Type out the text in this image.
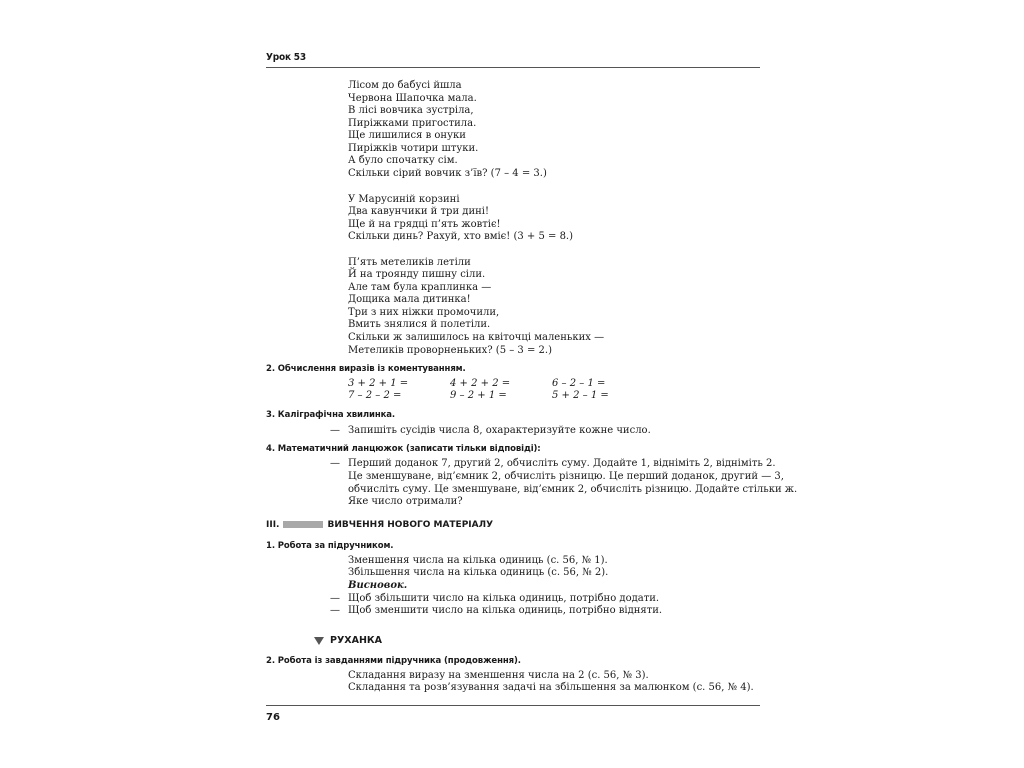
Урок 53
Лісом до бабусі йшла
Червона Шапочка мала.
В лісі вовчика зустріла,
Пиріжками пригостила.
Ще лишилися в онуки
Пиріжків чотири штуки.
А було спочатку сім.
Скільки сірий вовчик з’їв? (7 – 4 = 3.)
У Марусиній корзині
Два кавунчики й три дині!
Ще й на грядці п’ять жовтіє!
Скільки динь? Рахуй, хто вміє! (3 + 5 = 8.)
П’ять метеликів летіли
Й на троянду пишну сіли.
Але там була краплинка —
Дощика мала дитинка!
Три з них ніжки промочили,
Вмить знялися й полетіли.
Скільки ж залишилось на квіточці маленьких —
Метеликів проворненьких? (5 – 3 = 2.)
2. Обчислення виразів із коментуванням.
3 + 2 + 1 =	4 + 2 + 2 =	6 – 2 – 1 =
7 – 2 – 2 =	9 – 2 + 1 =	5 + 2 – 1 =
3. Каліграфічна хвилинка.
— Запишіть сусідів числа 8, охарактеризуйте кожне число.
4. Математичний ланцюжок (записати тільки відповіді):
— Перший доданок 7, другий 2, обчисліть суму. Додайте 1, відніміть 2, відніміть 2.
Це зменшуване, від’ємник 2, обчисліть різницю. Це перший доданок, другий — 3,
обчисліть суму. Це зменшуване, від’ємник 2, обчисліть різницю. Додайте стільки ж.
Яке число отримали?
III.	ВИВЧЕННЯ НОВОГО МАТЕРІАЛУ
1. Робота за підручником.
Зменшення числа на кілька одиниць (с. 56, № 1).
Збільшення числа на кілька одиниць (с. 56, № 2).
Висновок.
— Щоб збільшити число на кілька одиниць, потрібно додати.
— Щоб зменшити число на кілька одиниць, потрібно відняти.
РУХАНКА
2. Робота із завданнями підручника (продовження).
Складання виразу на зменшення числа на 2 (с. 56, № 3).
Складання та розв’язування задачі на збільшення за малюнком (с. 56, № 4).
76
